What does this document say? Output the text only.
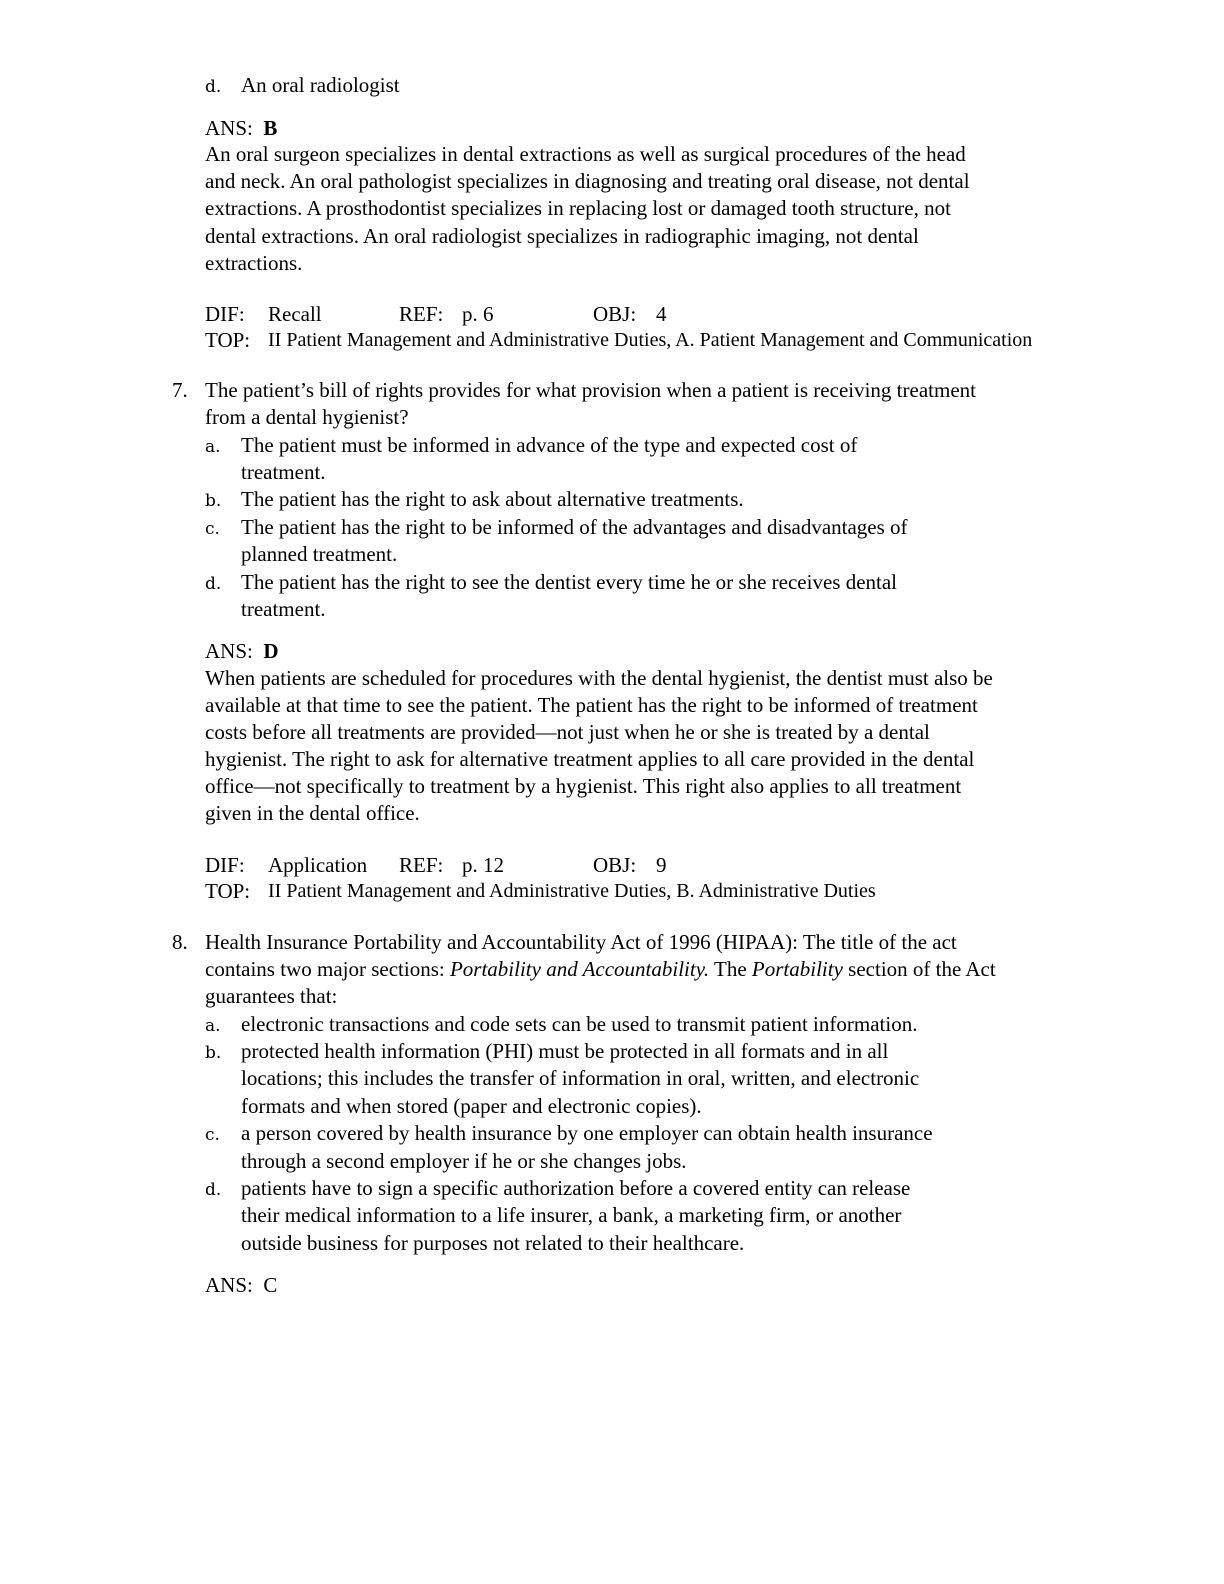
d. An oral radiologist
ANS: B
An oral surgeon specializes in dental extractions as well as surgical procedures of the head
and neck. An oral pathologist specializes in diagnosing and treating oral disease, not dental
extractions. A prosthodontist specializes in replacing lost or damaged tooth structure, not
dental extractions. An oral radiologist specializes in radiographic imaging, not dental
extractions.
DIF: Recall	REF: p. 6	OBJ: 4
TOP: II Patient Management and Administrative Duties, A. Patient Management and Communication
7. The patient’s bill of rights provides for what provision when a patient is receiving treatment
from a dental hygienist?
a. The patient must be informed in advance of the type and expected cost of
treatment.
b. The patient has the right to ask about alternative treatments.
c. The patient has the right to be informed of the advantages and disadvantages of
planned treatment.
d. The patient has the right to see the dentist every time he or she receives dental
treatment.
ANS: D
When patients are scheduled for procedures with the dental hygienist, the dentist must also be
available at that time to see the patient. The patient has the right to be informed of treatment
costs before all treatments are provided—not just when he or she is treated by a dental
hygienist. The right to ask for alternative treatment applies to all care provided in the dental
office—not specifically to treatment by a hygienist. This right also applies to all treatment
given in the dental office.
DIF: Application REF: p. 12	OBJ: 9
TOP: II Patient Management and Administrative Duties, B. Administrative Duties
8. Health Insurance Portability and Accountability Act of 1996 (HIPAA): The title of the act
contains two major sections: Portability and Accountability. The Portability section of the Act
guarantees that:
a. electronic transactions and code sets can be used to transmit patient information.
b. protected health information (PHI) must be protected in all formats and in all
locations; this includes the transfer of information in oral, written, and electronic
formats and when stored (paper and electronic copies).
c. a person covered by health insurance by one employer can obtain health insurance
through a second employer if he or she changes jobs.
d. patients have to sign a specific authorization before a covered entity can release
their medical information to a life insurer, a bank, a marketing firm, or another
outside business for purposes not related to their healthcare.
ANS: C
